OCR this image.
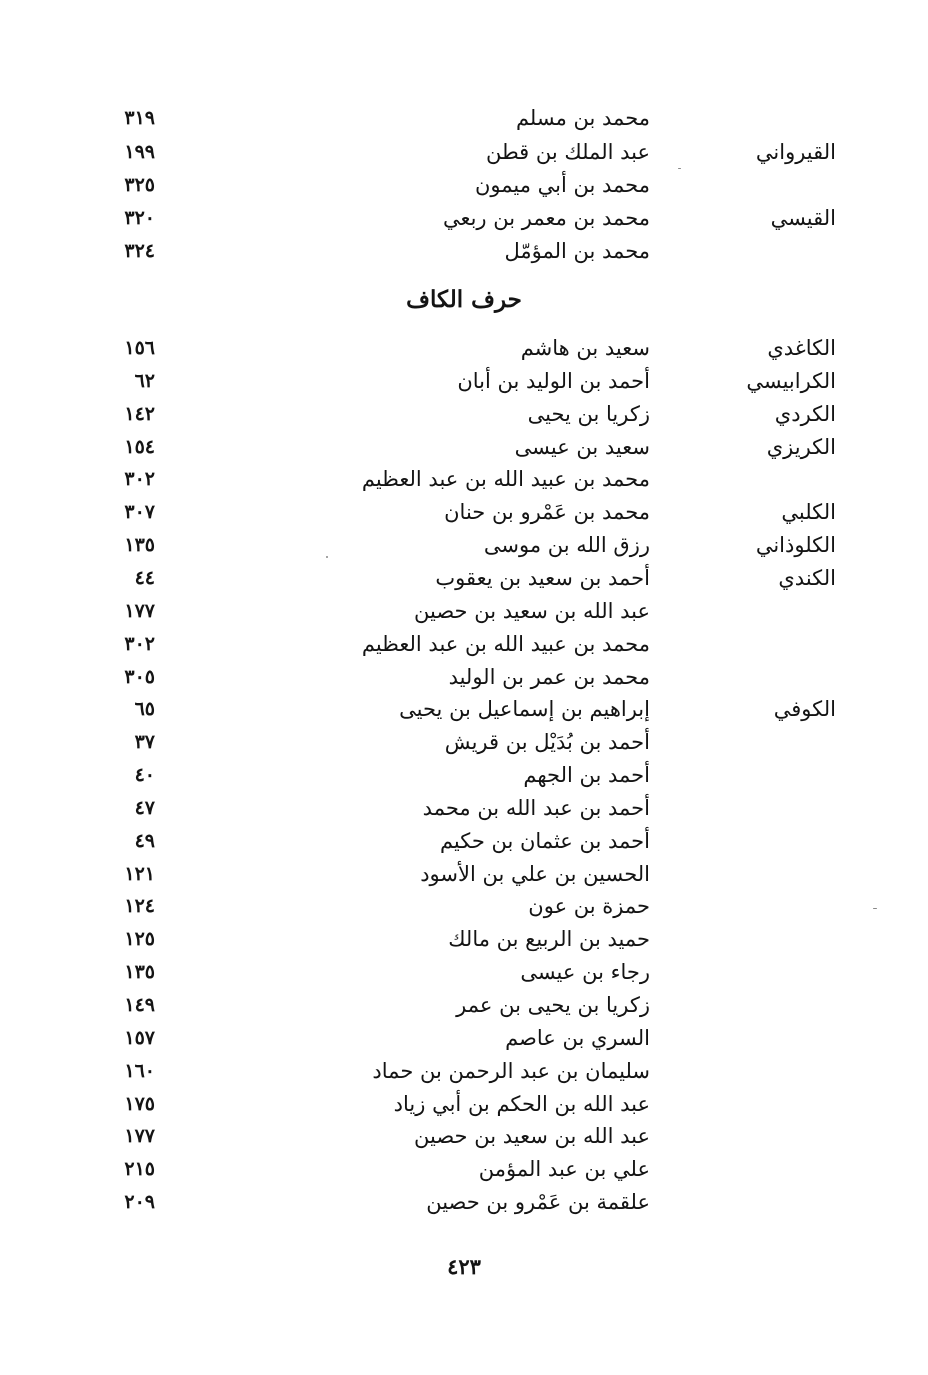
محمد بن مسلم
٣١٩
القيرواني
عبد الملك بن قطن
١٩٩
محمد بن أبي ميمون
٣٢٥
القيسي
محمد بن معمر بن ربعي
٣٢٠
محمد بن المؤمّل
٣٢٤
حرف الكاف
الكاغدي
سعيد بن هاشم
١٥٦
الكرابيسي
أحمد بن الوليد بن أبان
٦٢
الكردي
زكريا بن يحيى
١٤٢
الكريزي
سعيد بن عيسى
١٥٤
محمد بن عبيد الله بن عبد العظيم
٣٠٢
الكلبي
محمد بن عَمْرو بن حنان
٣٠٧
الكلوذاني
رزق الله بن موسى
١٣٥
الكندي
أحمد بن سعيد بن يعقوب
٤٤
عبد الله بن سعيد بن حصين
١٧٧
محمد بن عبيد الله بن عبد العظيم
٣٠٢
محمد بن عمر بن الوليد
٣٠٥
الكوفي
إبراهيم بن إسماعيل بن يحيى
٦٥
أحمد بن بُدَيْل بن قريش
٣٧
أحمد بن الجهم
٤٠
أحمد بن عبد الله بن محمد
٤٧
أحمد بن عثمان بن حكيم
٤٩
الحسين بن علي بن الأسود
١٢١
حمزة بن عون
١٢٤
حميد بن الربيع بن مالك
١٢٥
رجاء بن عيسى
١٣٥
زكريا بن يحيى بن عمر
١٤٩
السري بن عاصم
١٥٧
سليمان بن عبد الرحمن بن حماد
١٦٠
عبد الله بن الحكم بن أبي زياد
١٧٥
عبد الله بن سعيد بن حصين
١٧٧
علي بن عبد المؤمن
٢١٥
علقمة بن عَمْرو بن حصين
٢٠٩
٤٢٣
